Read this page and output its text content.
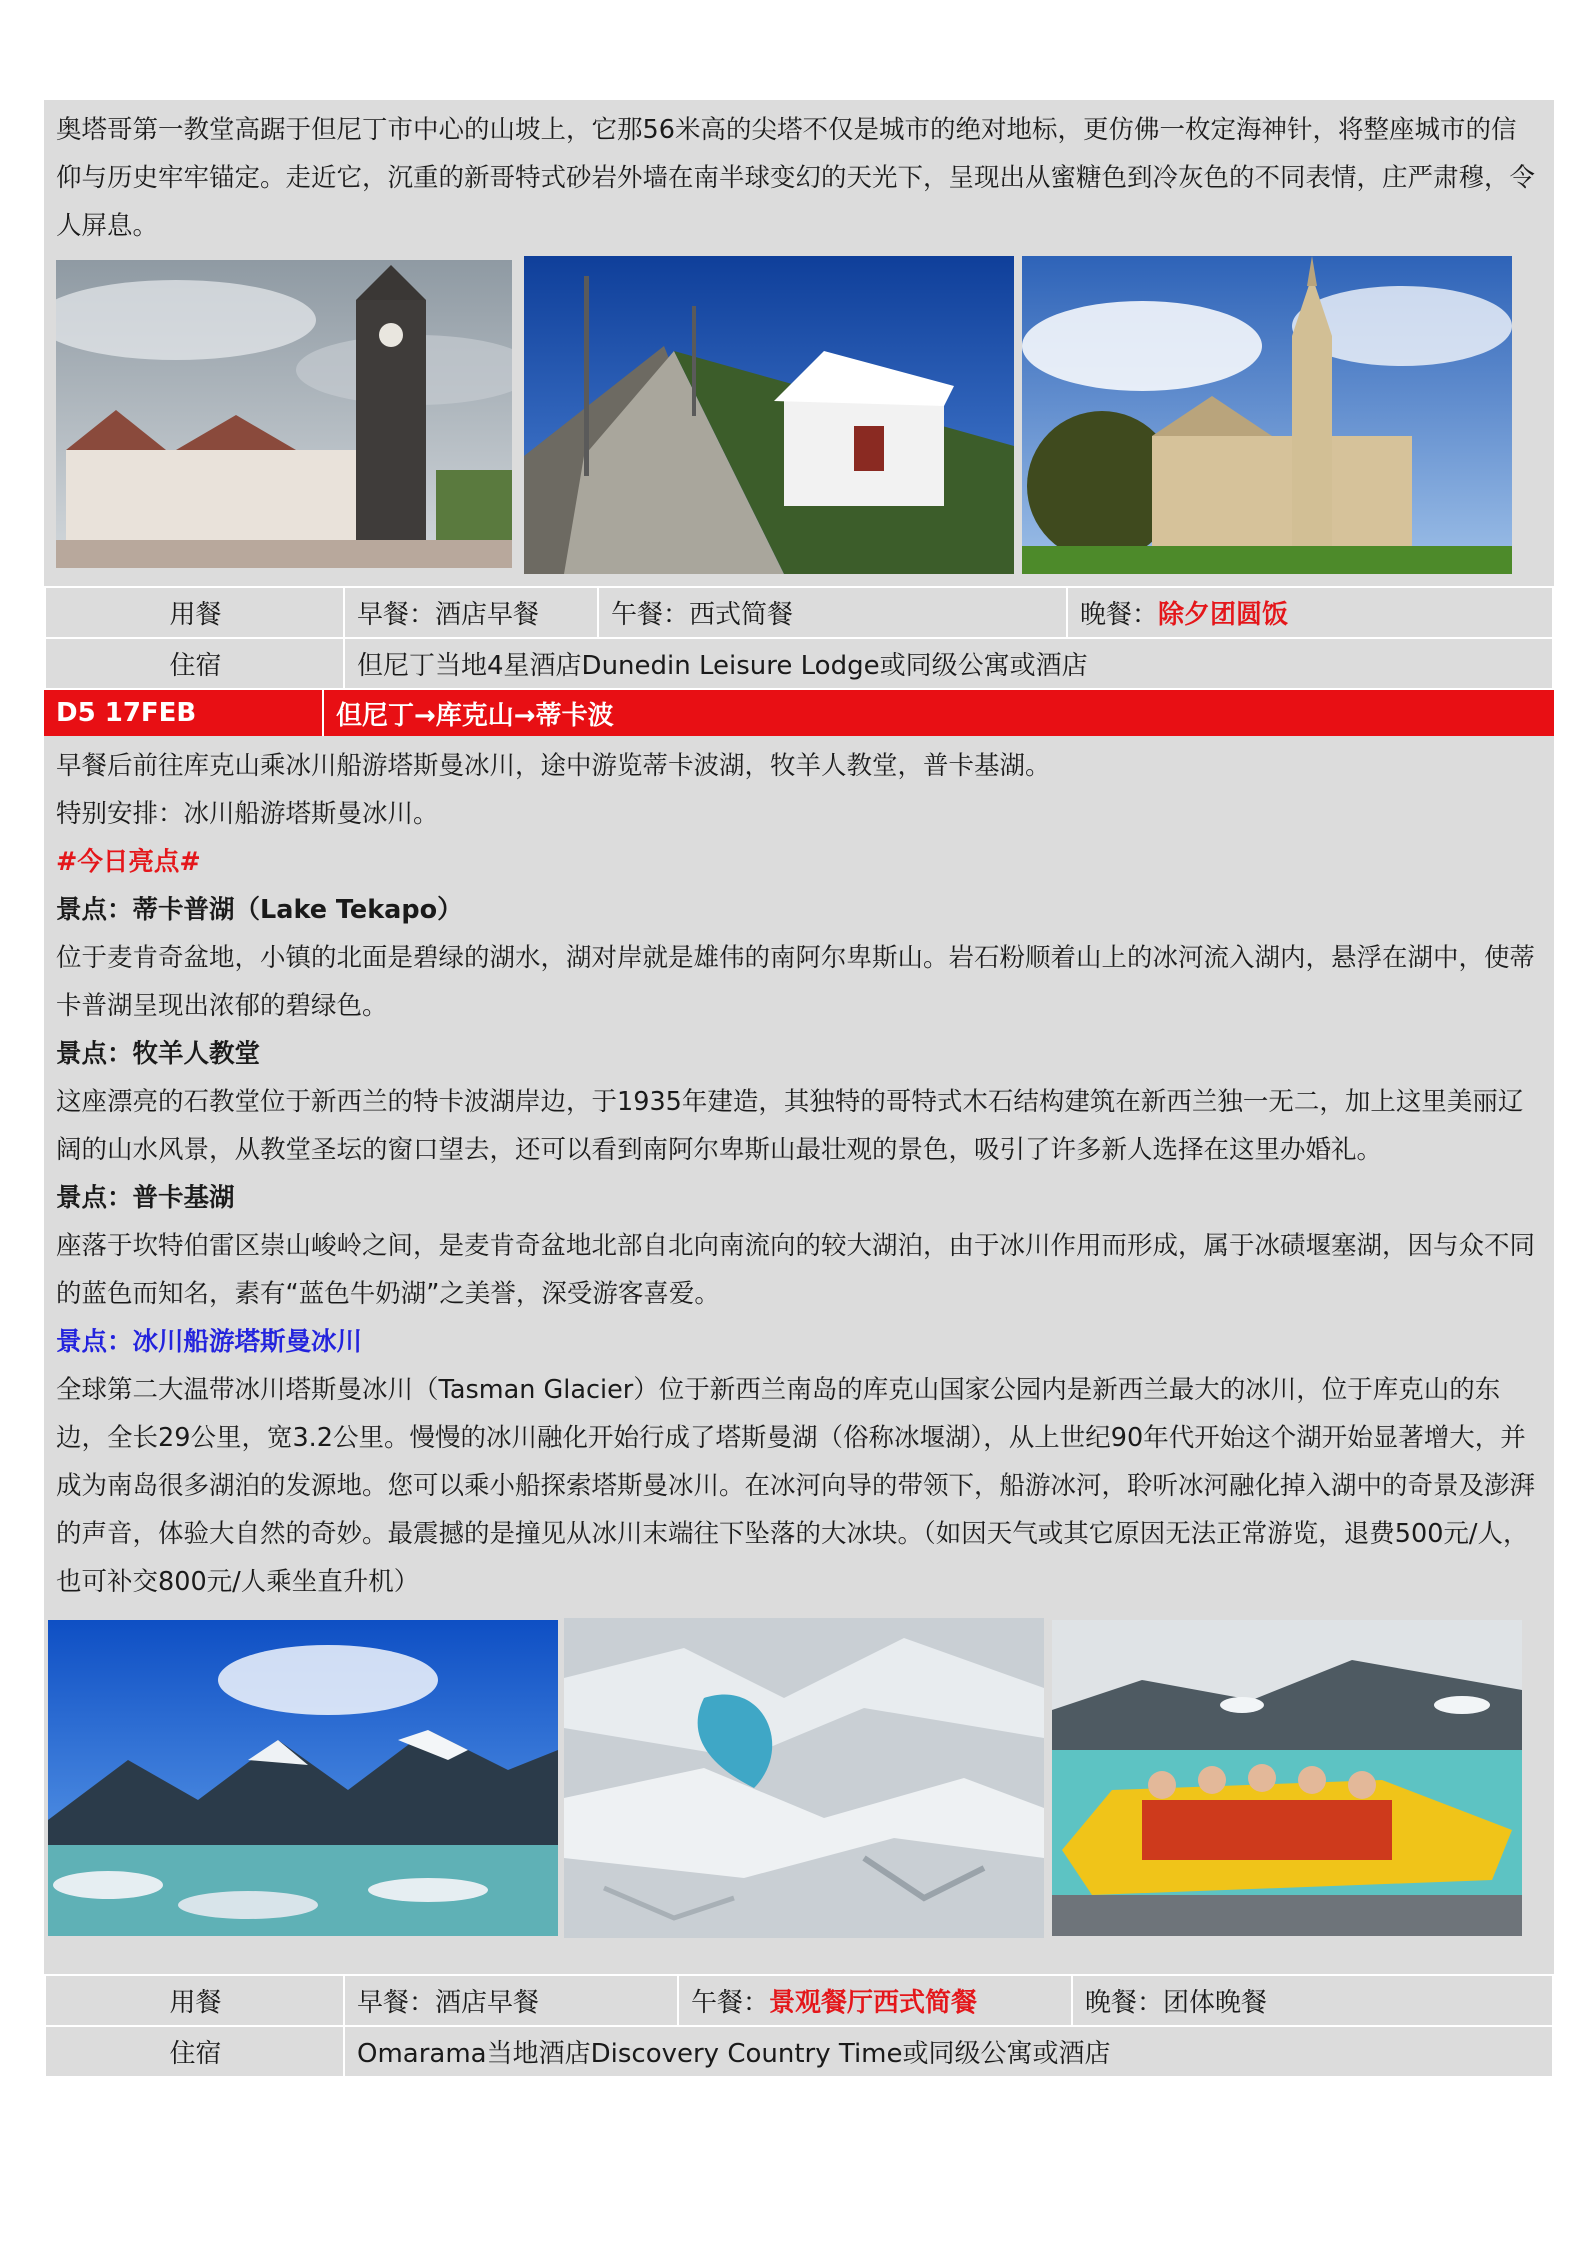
奥塔哥第一教堂高踞于但尼丁市中心的山坡上，它那56米高的尖塔不仅是城市的绝对地标，更仿佛一枚定海神针，将整座城市的信仰与历史牢牢锚定。走近它，沉重的新哥特式砂岩外墙在南半球变幻的天光下，呈现出从蜜糖色到冷灰色的不同表情，庄严肃穆，令人屏息。
用餐	早餐：酒店早餐	午餐：西式简餐	晚餐：除夕团圆饭
住宿	但尼丁当地4星酒店Dunedin Leisure Lodge或同级公寓或酒店		
D5 17FEB	但尼丁→库克山→蒂卡波

早餐后前往库克山乘冰川船游塔斯曼冰川，途中游览蒂卡波湖，牧羊人教堂，普卡基湖。

特别安排：冰川船游塔斯曼冰川。

#今日亮点#

景点：蒂卡普湖（Lake Tekapo）

位于麦肯奇盆地，小镇的北面是碧绿的湖水，湖对岸就是雄伟的南阿尔卑斯山。岩石粉顺着山上的冰河流入湖内，悬浮在湖中，使蒂卡普湖呈现出浓郁的碧绿色。

景点：牧羊人教堂

这座漂亮的石教堂位于新西兰的特卡波湖岸边，于1935年建造，其独特的哥特式木石结构建筑在新西兰独一无二，加上这里美丽辽阔的山水风景，从教堂圣坛的窗口望去，还可以看到南阿尔卑斯山最壮观的景色，吸引了许多新人选择在这里办婚礼。

景点：普卡基湖

座落于坎特伯雷区崇山峻岭之间，是麦肯奇盆地北部自北向南流向的较大湖泊，由于冰川作用而形成，属于冰碛堰塞湖，因与众不同的蓝色而知名，素有“蓝色牛奶湖”之美誉，深受游客喜爱。

景点：冰川船游塔斯曼冰川

全球第二大温带冰川塔斯曼冰川（Tasman Glacier）位于新西兰南岛的库克山国家公园内是新西兰最大的冰川，位于库克山的东边，全长29公里，宽3.2公里。慢慢的冰川融化开始行成了塔斯曼湖（俗称冰堰湖），从上世纪90年代开始这个湖开始显著增大，并成为南岛很多湖泊的发源地。您可以乘小船探索塔斯曼冰川。在冰河向导的带领下，船游冰河，聆听冰河融化掉入湖中的奇景及澎湃的声音，体验大自然的奇妙。最震撼的是撞见从冰川末端往下坠落的大冰块。（如因天气或其它原因无法正常游览，退费500元/人，也可补交800元/人乘坐直升机）

用餐	早餐：酒店早餐	午餐：景观餐厅西式简餐	晚餐：团体晚餐
住宿	Omarama当地酒店Discovery Country Time或同级公寓或酒店		
